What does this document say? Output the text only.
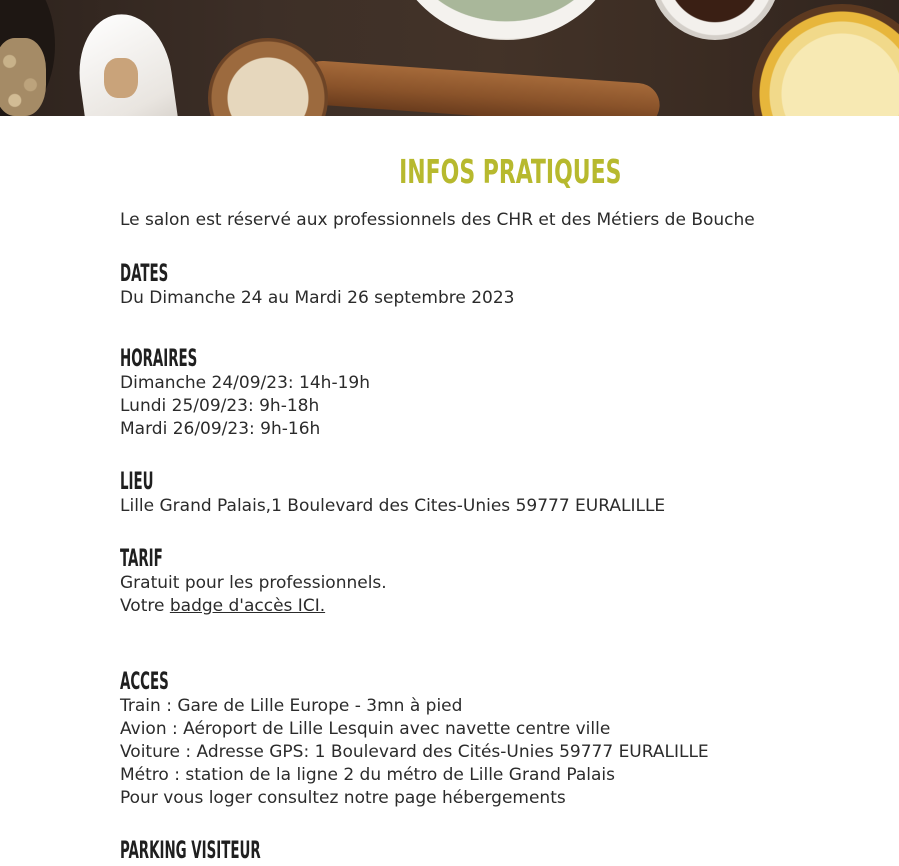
INFOS PRATIQUES

Le salon est réservé aux professionnels des CHR et des Métiers de Bouche

DATES

Du Dimanche 24 au Mardi 26 septembre 2023

HORAIRES

Dimanche 24/09/23: 14h-19h

Lundi 25/09/23: 9h-18h

Mardi 26/09/23: 9h-16h

LIEU

Lille Grand Palais,1 Boulevard des Cites-Unies 59777 EURALILLE

TARIF

Gratuit pour les professionnels.

Votre badge d'accès ICI.

ACCES

Train : Gare de Lille Europe - 3mn à pied

Avion : Aéroport de Lille Lesquin avec navette centre ville

Voiture : Adresse GPS: 1 Boulevard des Cités-Unies 59777 EURALILLE

Métro : station de la ligne 2 du métro de Lille Grand Palais

Pour vous loger consultez notre page hébergements

PARKING VISITEUR
